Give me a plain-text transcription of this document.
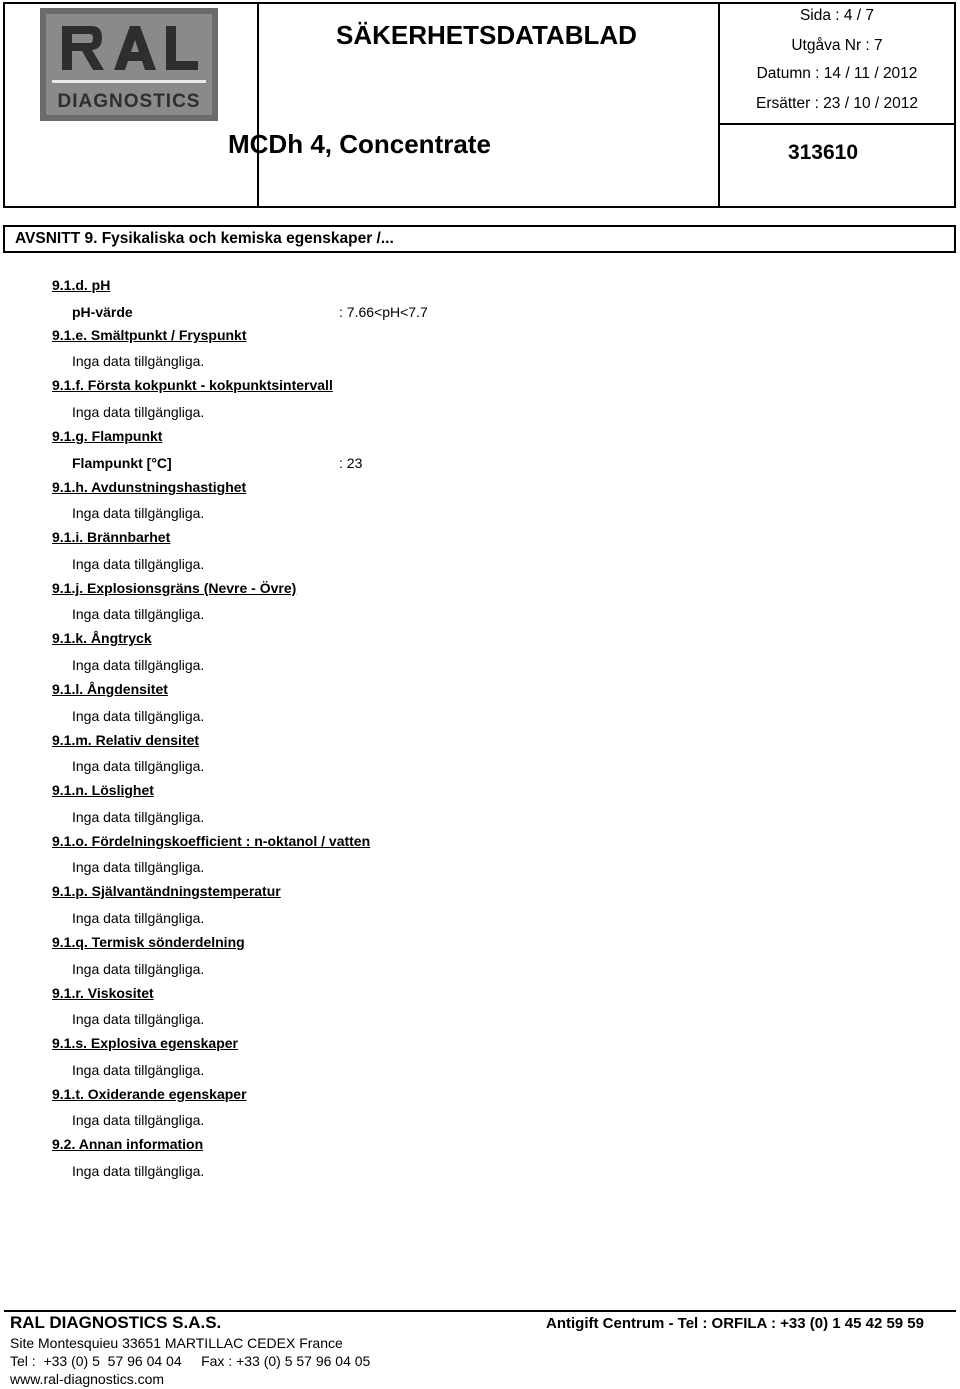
DIAGNOSTICS
SÄKERHETSDATABLAD
MCDh 4, Concentrate
Sida : 4 / 7
Utgåva Nr : 7
Datumn : 14 / 11 / 2012
Ersätter : 23 / 10 / 2012
313610
AVSNITT 9. Fysikaliska och kemiska egenskaper /...
9.1.d. pH
pH-värde	: 7.66<pH<7.7
9.1.e. Smältpunkt / Fryspunkt
Inga data tillgängliga.
9.1.f. Första kokpunkt - kokpunktsintervall
Inga data tillgängliga.
9.1.g. Flampunkt
Flampunkt [°C]	: 23
9.1.h. Avdunstningshastighet
Inga data tillgängliga.
9.1.i. Brännbarhet
Inga data tillgängliga.
9.1.j. Explosionsgräns (Nevre - Övre)
Inga data tillgängliga.
9.1.k. Ångtryck
Inga data tillgängliga.
9.1.l. Ångdensitet
Inga data tillgängliga.
9.1.m. Relativ densitet
Inga data tillgängliga.
9.1.n. Löslighet
Inga data tillgängliga.
9.1.o. Fördelningskoefficient : n-oktanol / vatten
Inga data tillgängliga.
9.1.p. Självantändningstemperatur
Inga data tillgängliga.
9.1.q. Termisk sönderdelning
Inga data tillgängliga.
9.1.r. Viskositet
Inga data tillgängliga.
9.1.s. Explosiva egenskaper
Inga data tillgängliga.
9.1.t. Oxiderande egenskaper
Inga data tillgängliga.
9.2. Annan information
Inga data tillgängliga.
RAL DIAGNOSTICS S.A.S.	Antigift Centrum - Tel : ORFILA : +33 (0) 1 45 42 59 59
Site Montesquieu 33651 MARTILLAC CEDEX France
Tel :  +33 (0) 5  57 96 04 04     Fax : +33 (0) 5 57 96 04 05
www.ral-diagnostics.com
